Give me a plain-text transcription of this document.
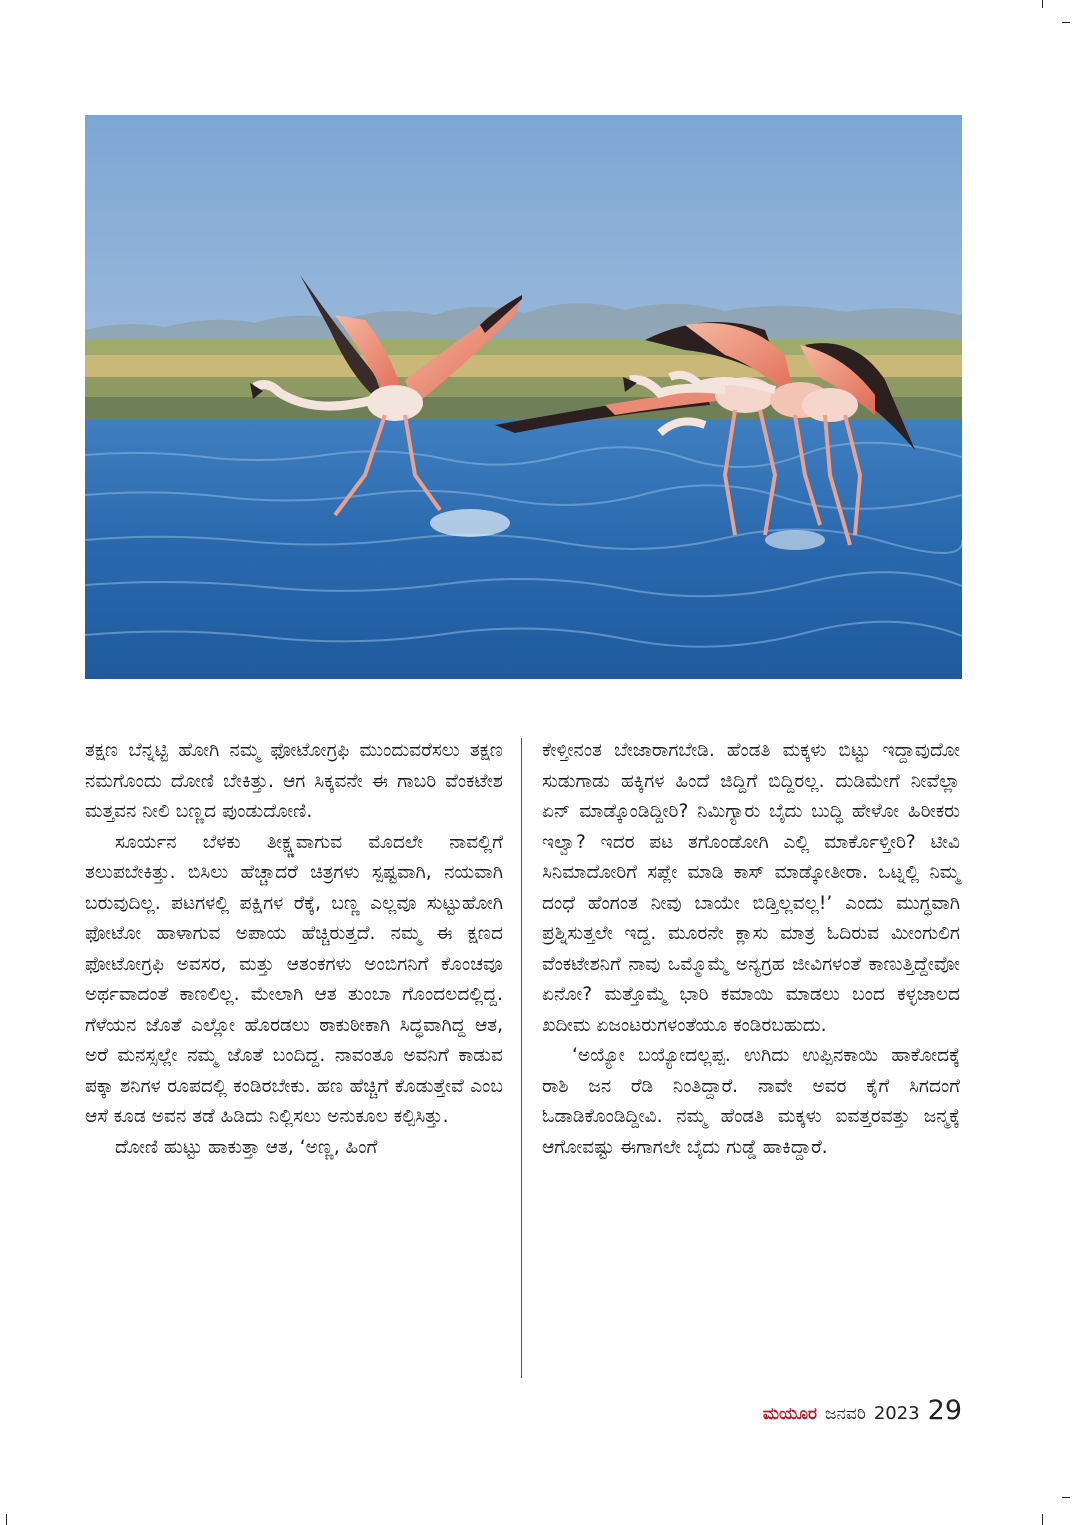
ತಕ್ಷಣ ಬೆನ್ನಟ್ಟಿ ಹೋಗಿ ನಮ್ಮ ಫೋಟೋಗ್ರಫಿ ಮುಂದುವರೆಸಲು ತಕ್ಷಣ ನಮಗೊಂದು ದೋಣಿ ಬೇಕಿತ್ತು. ಆಗ ಸಿಕ್ಕವನೇ ಈ ಗಾಬರಿ ವೆಂಕಟೇಶ ಮತ್ತವನ ನೀಲಿ ಬಣ್ಣದ ಪುಂಡುದೋಣಿ.

ಸೂರ್ಯನ ಬೆಳಕು ತೀಕ್ಷ್ಣವಾಗುವ ಮೊದಲೇ ನಾವಲ್ಲಿಗೆ ತಲುಪಬೇಕಿತ್ತು. ಬಿಸಿಲು ಹೆಚ್ಚಾದರೆ ಚಿತ್ರಗಳು ಸ್ಪಷ್ಟವಾಗಿ, ನಯವಾಗಿ ಬರುವುದಿಲ್ಲ. ಪಟಗಳಲ್ಲಿ ಪಕ್ಷಿಗಳ ರೆಕ್ಕೆ, ಬಣ್ಣ ಎಲ್ಲವೂ ಸುಟ್ಟುಹೋಗಿ ಫೋಟೋ ಹಾಳಾಗುವ ಅಪಾಯ ಹೆಚ್ಚಿರುತ್ತದೆ. ನಮ್ಮ ಈ ಕ್ಷಣದ ಫೋಟೋಗ್ರಫಿ ಅವಸರ, ಮತ್ತು ಆತಂಕಗಳು ಅಂಬಿಗನಿಗೆ ಕೊಂಚವೂ ಅರ್ಥವಾದಂತೆ ಕಾಣಲಿಲ್ಲ. ಮೇಲಾಗಿ ಆತ ತುಂಬಾ ಗೊಂದಲದಲ್ಲಿದ್ದ. ಗೆಳೆಯನ ಜೊತೆ ಎಲ್ಲೋ ಹೊರಡಲು ಠಾಕುಠೀಕಾಗಿ ಸಿದ್ಧವಾಗಿದ್ದ ಆತ, ಅರೆ ಮನಸ್ಸಲ್ಲೇ ನಮ್ಮ ಜೊತೆ ಬಂದಿದ್ದ. ನಾವಂತೂ ಅವನಿಗೆ ಕಾಡುವ ಪಕ್ಕಾ ಶನಿಗಳ ರೂಪದಲ್ಲಿ ಕಂಡಿರಬೇಕು. ಹಣ ಹೆಚ್ಚಿಗೆ ಕೊಡುತ್ತೇವೆ ಎಂಬ ಆಸೆ ಕೂಡ ಅವನ ತಡೆ ಹಿಡಿದು ನಿಲ್ಲಿಸಲು ಅನುಕೂಲ ಕಲ್ಪಿಸಿತ್ತು.

ದೋಣಿ ಹುಟ್ಟು ಹಾಕುತ್ತಾ ಆತ, ‘ಅಣ್ಣ, ಹಿಂಗೆ

ಕೇಳ್ತೀನಂತ ಬೇಜಾರಾಗಬೇಡಿ. ಹೆಂಡತಿ ಮಕ್ಕಳು ಬಿಟ್ಟು ಇದ್ದಾವುದೋ ಸುಡುಗಾಡು ಹಕ್ಕಿಗಳ ಹಿಂದೆ ಜಿದ್ದಿಗೆ ಬಿದ್ದಿರಲ್ಲ. ದುಡಿಮೇಗೆ ನೀವೆಲ್ಲಾ ಏನ್ ಮಾಡ್ಕೊಂಡಿದ್ದೀರಿ? ನಿಮಿಗ್ಯಾರು ಬೈದು ಬುದ್ಧಿ ಹೇಳೋ ಹಿರೀಕರು ಇಲ್ವಾ? ಇದರ ಪಟ ತಗೊಂಡೋಗಿ ಎಲ್ಲಿ ಮಾರ್ಕೊಳ್ತೀರಿ? ಟೀವಿ ಸಿನಿಮಾದೋರಿಗೆ ಸಪ್ಲೇ ಮಾಡಿ ಕಾಸ್ ಮಾಡ್ಕೋತೀರಾ. ಒಟ್ನಲ್ಲಿ ನಿಮ್ಮ ದಂಧೆ ಹೆಂಗಂತ ನೀವು ಬಾಯೇ ಬಿಡ್ತಿಲ್ಲವಲ್ಲ!’ ಎಂದು ಮುಗ್ಧವಾಗಿ ಪ್ರಶ್ನಿಸುತ್ತಲೇ ಇದ್ದ. ಮೂರನೇ ಕ್ಲಾಸು ಮಾತ್ರ ಓದಿರುವ ಮೀಂಗುಲಿಗ ವೆಂಕಟೇಶನಿಗೆ ನಾವು ಒಮ್ಮೊಮ್ಮೆ ಅನ್ಯಗ್ರಹ ಜೀವಿಗಳಂತೆ ಕಾಣುತ್ತಿದ್ದೇವೋ ಏನೋ? ಮತ್ತೊಮ್ಮೆ ಭಾರಿ ಕಮಾಯಿ ಮಾಡಲು ಬಂದ ಕಳ್ಳಜಾಲದ ಖದೀಮ ಏಜಂಟರುಗಳಂತೆಯೂ ಕಂಡಿರಬಹುದು.

‘ಅಯ್ಯೋ ಬಯ್ಯೋದಲ್ಲಪ್ಪ. ಉಗಿದು ಉಪ್ಪಿನಕಾಯಿ ಹಾಕೋದಕ್ಕೆ ರಾಶಿ ಜನ ರೆಡಿ ನಿಂತಿದ್ದಾರೆ. ನಾವೇ ಅವರ ಕೈಗೆ ಸಿಗದಂಗೆ ಓಡಾಡಿಕೊಂಡಿದ್ದೀವಿ. ನಮ್ಮ ಹೆಂಡತಿ ಮಕ್ಕಳು ಐವತ್ತರವತ್ತು ಜನ್ಮಕ್ಕೆ ಆಗೋವಷ್ಟು ಈಗಾಗಲೇ ಬೈದು ಗುಡ್ಡೆ ಹಾಕಿದ್ದಾರೆ.

ಮಯೂರ ಜನವರಿ 2023 29
